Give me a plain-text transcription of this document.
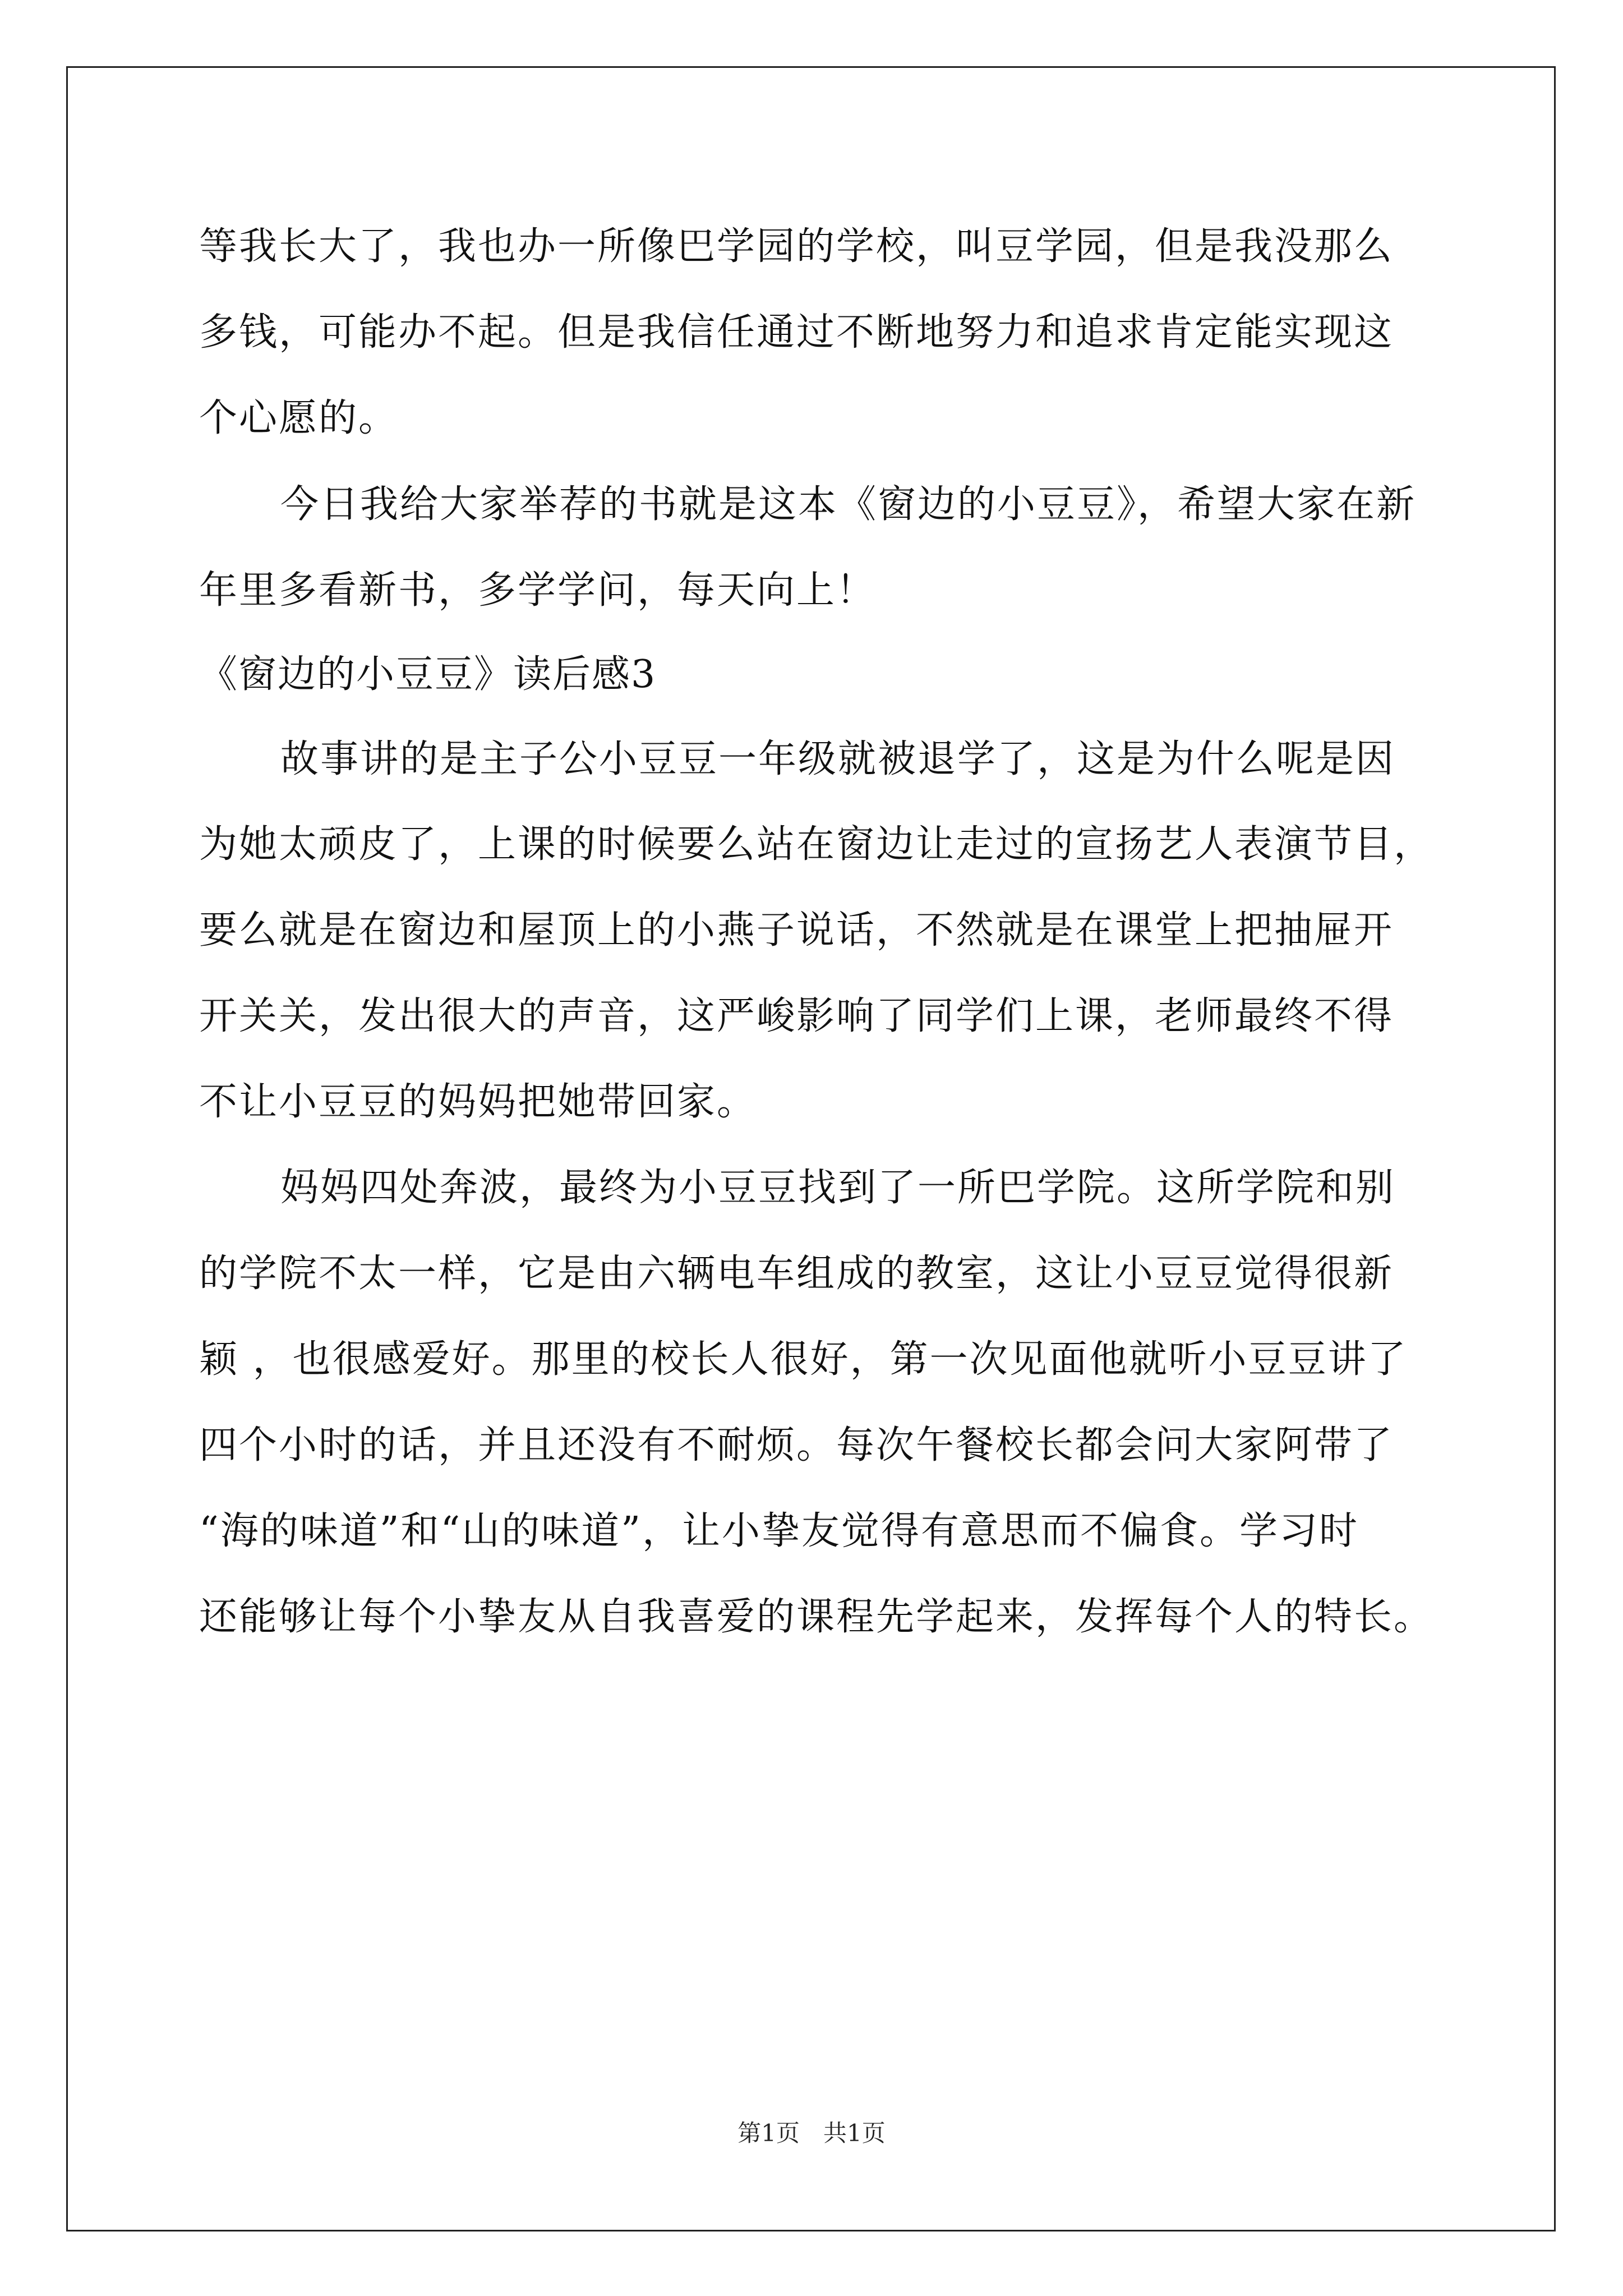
等我长大了，我也办一所像巴学园的学校，叫豆学园，但是我没那么
多钱，可能办不起。但是我信任通过不断地努力和追求肯定能实现这
个心愿的。
今日我给大家举荐的书就是这本《窗边的小豆豆》，希望大家在新
年里多看新书，多学学问，每天向上！
《窗边的小豆豆》读后感3
故事讲的是主子公小豆豆一年级就被退学了，这是为什么呢是因
为她太顽皮了，上课的时候要么站在窗边让走过的宣扬艺人表演节目，
要么就是在窗边和屋顶上的小燕子说话，不然就是在课堂上把抽屉开
开关关，发出很大的声音，这严峻影响了同学们上课，老师最终不得
不让小豆豆的妈妈把她带回家。
妈妈四处奔波，最终为小豆豆找到了一所巴学院。这所学院和别
的学院不太一样，它是由六辆电车组成的教室，这让小豆豆觉得很新
颖 ，也很感爱好。那里的校长人很好，第一次见面他就听小豆豆讲了
四个小时的话，并且还没有不耐烦。每次午餐校长都会问大家阿带了
“海的味道”和“山的味道”，让小挚友觉得有意思而不偏食。学习时
还能够让每个小挚友从自我喜爱的课程先学起来，发挥每个人的特长。
第1页　共1页
